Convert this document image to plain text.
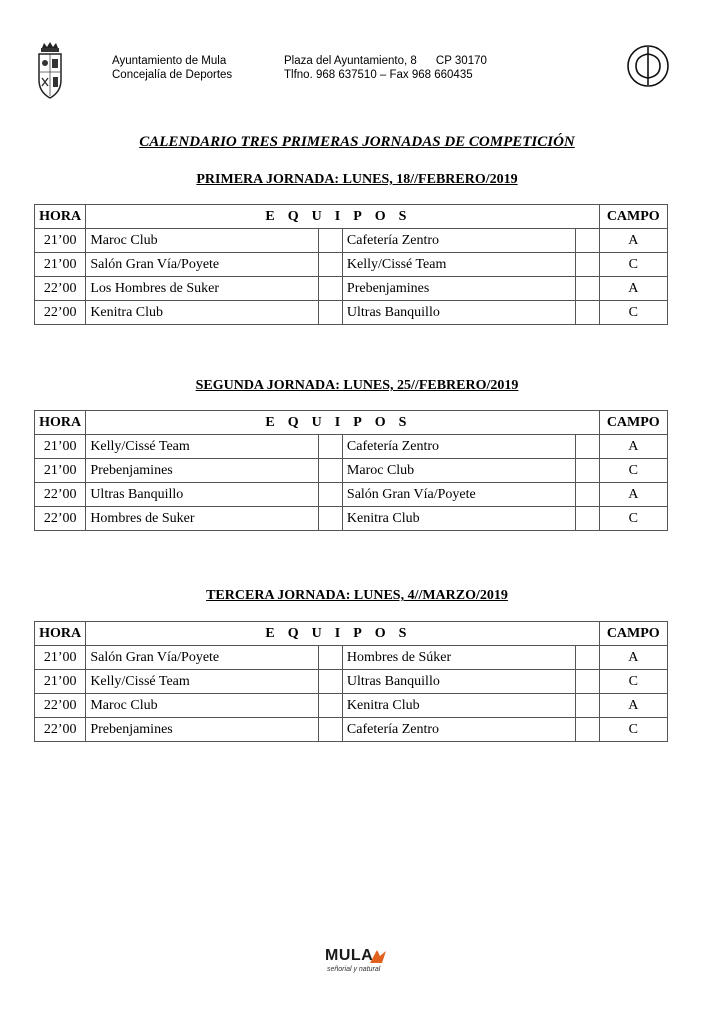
Ayuntamiento de Mula
Concejalía de Deportes
Plaza del Ayuntamiento, 8      CP 30170
Tlfno. 968 637510 – Fax 968 660435
CALENDARIO TRES PRIMERAS JORNADAS DE COMPETICIÓN
PRIMERA JORNADA: LUNES, 18//FEBRERO/2019
HORA	EQUIPOS				CAMPO
21’00	Maroc Club		Cafetería Zentro		A
21’00	Salón Gran Vía/Poyete		Kelly/Cissé Team		C
22’00	Los Hombres de Suker		Prebenjamines		A
22’00	Kenitra Club		Ultras Banquillo		C
SEGUNDA JORNADA: LUNES, 25//FEBRERO/2019
HORA	EQUIPOS				CAMPO
21’00	Kelly/Cissé Team		Cafetería Zentro		A
21’00	Prebenjamines		Maroc Club		C
22’00	Ultras Banquillo		Salón Gran Vía/Poyete		A
22’00	Hombres de Suker		Kenitra Club		C
TERCERA JORNADA: LUNES, 4//MARZO/2019
HORA	EQUIPOS				CAMPO
21’00	Salón Gran Vía/Poyete		Hombres de Súker		A
21’00	Kelly/Cissé Team		Ultras Banquillo		C
22’00	Maroc Club		Kenitra Club		A
22’00	Prebenjamines		Cafetería Zentro		C
MULA
señorial y natural
